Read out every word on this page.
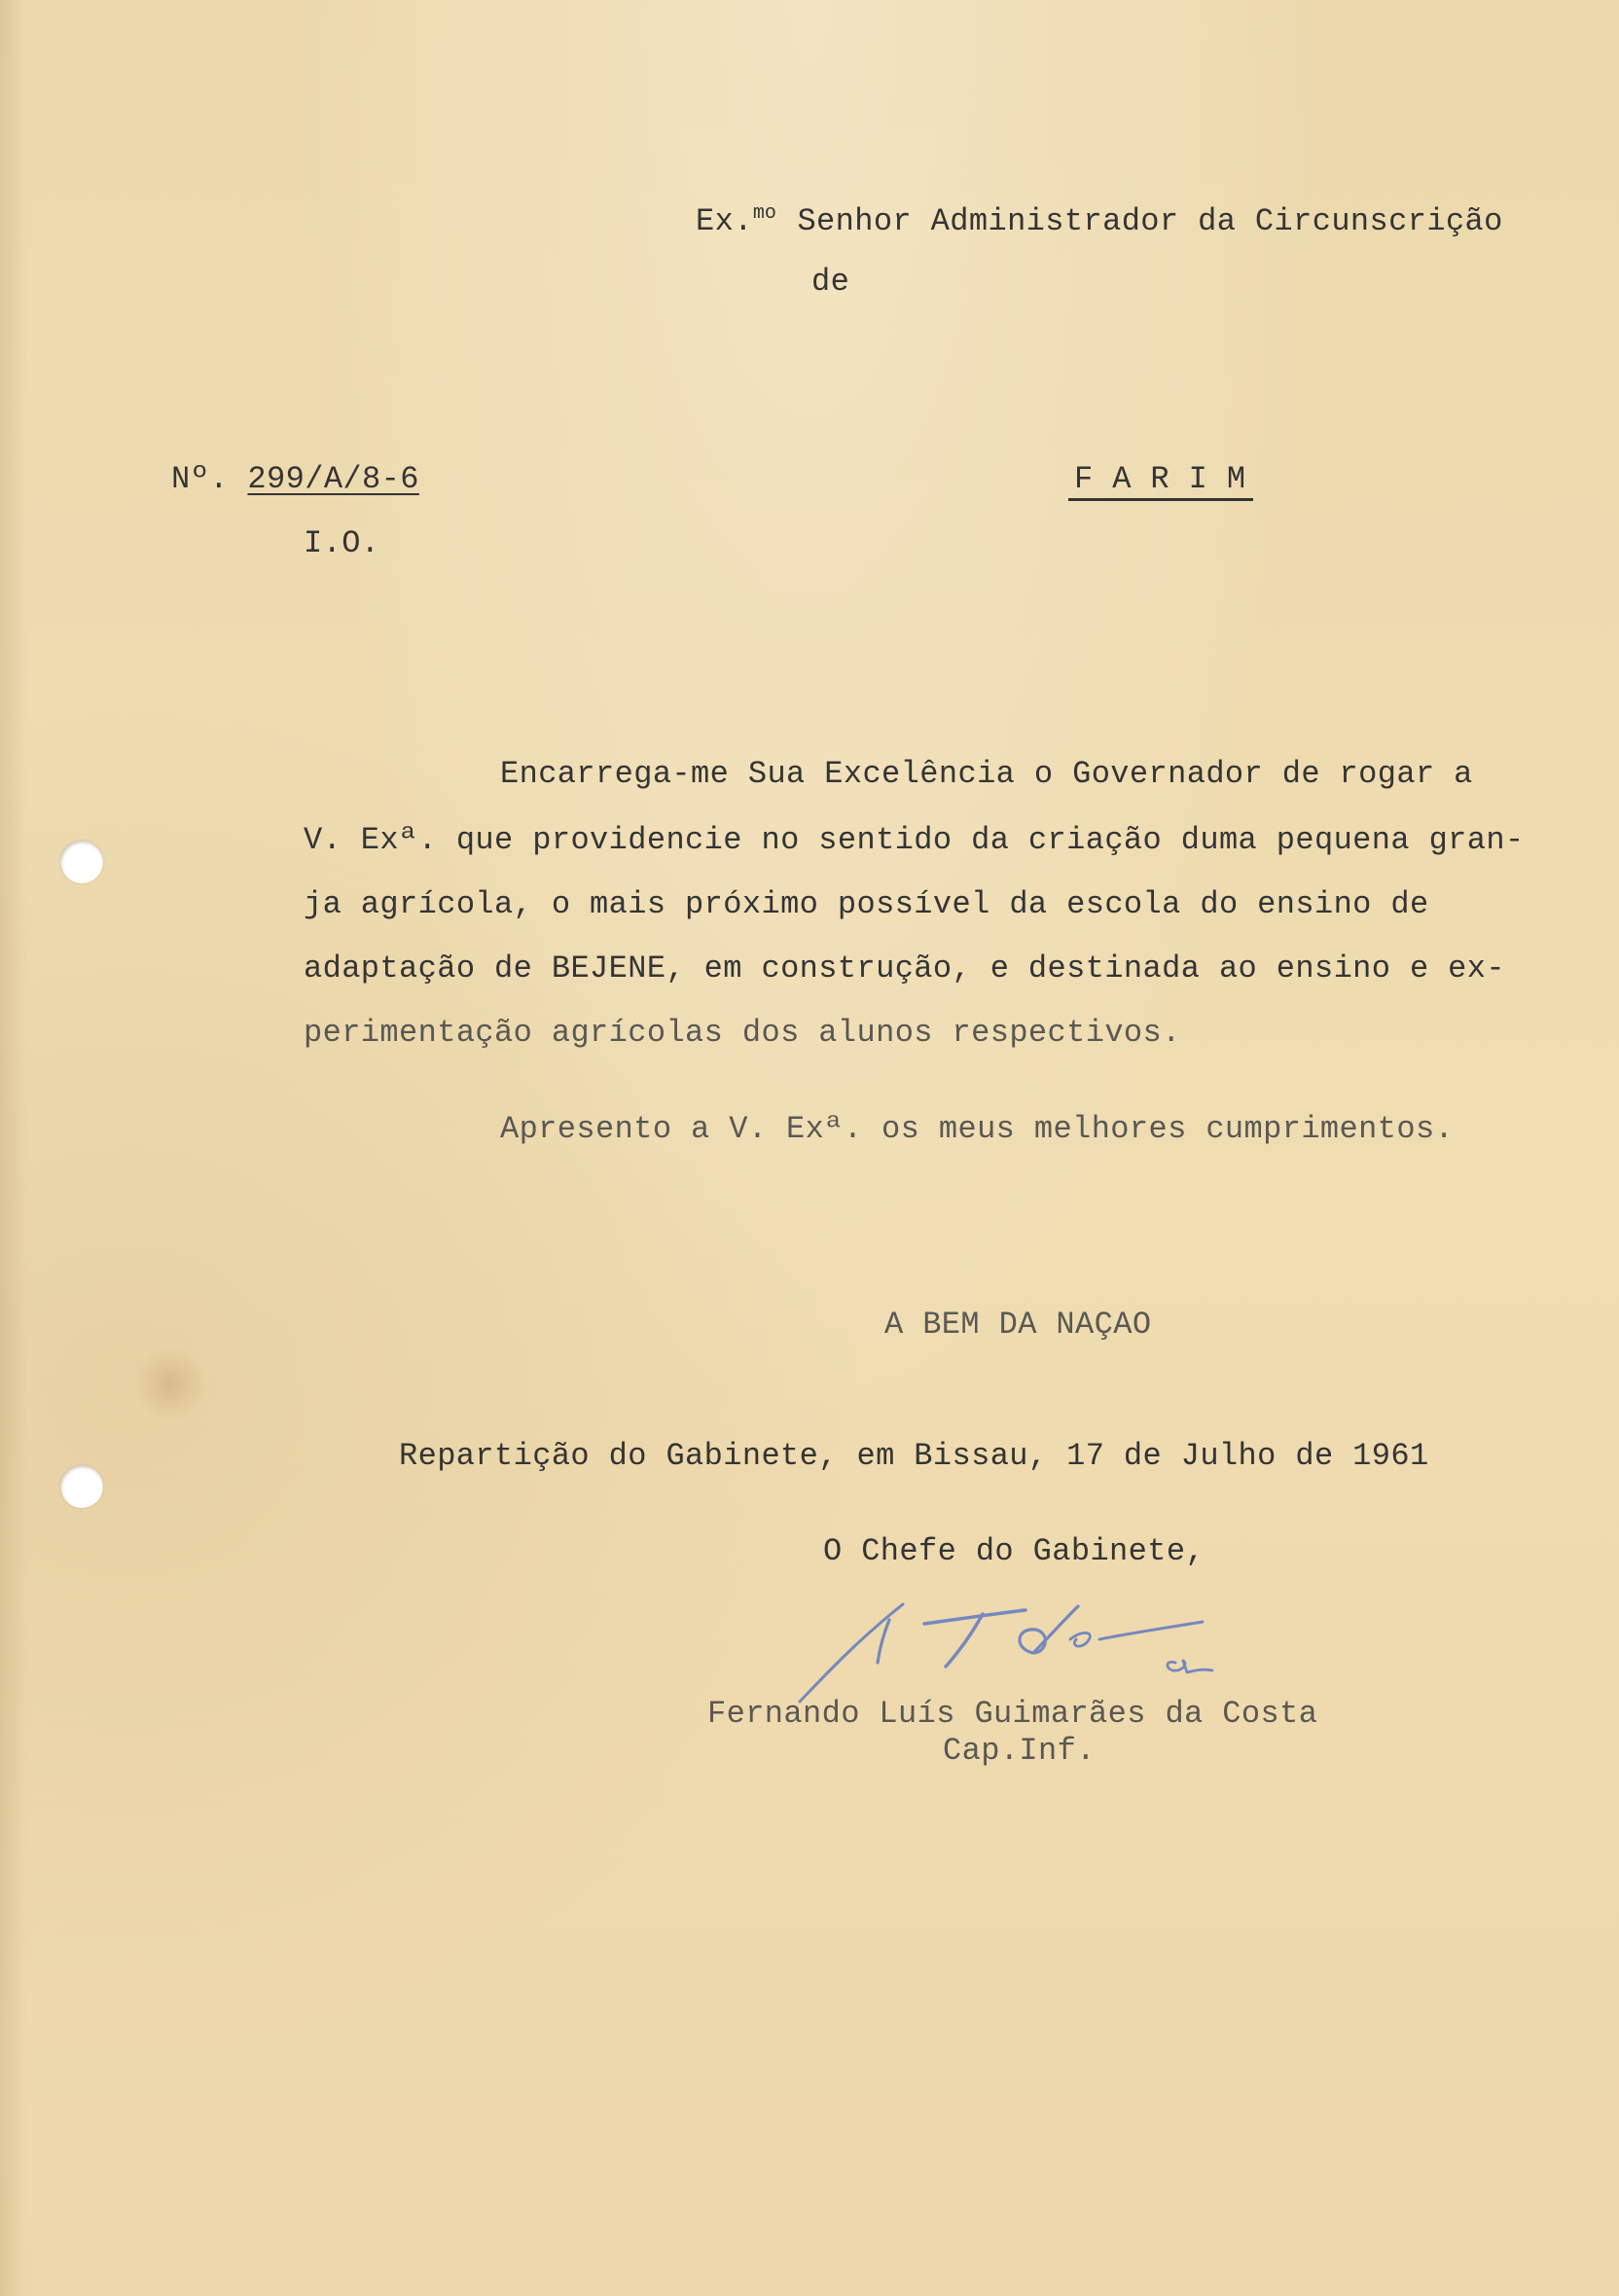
Ex.$^{mo}$ Senhor Administrador da Circunscrição
de
Nº. 299/A/8-6	F A R I M
I.O.
Encarrega-me Sua Excelência o Governador de rogar a
V. Exª. que providencie no sentido da criação duma pequena gran-
ja agrícola, o mais próximo possível da escola do ensino de
adaptação de BEJENE, em construção, e destinada ao ensino e ex-
perimentação agrícolas dos alunos respectivos.
Apresento a V. Exª. os meus melhores cumprimentos.
A BEM DA NAÇAO
Repartição do Gabinete, em Bissau, 17 de Julho de 1961
O Chefe do Gabinete,
Fernando Luís Guimarães da Costa
Cap.Inf.
